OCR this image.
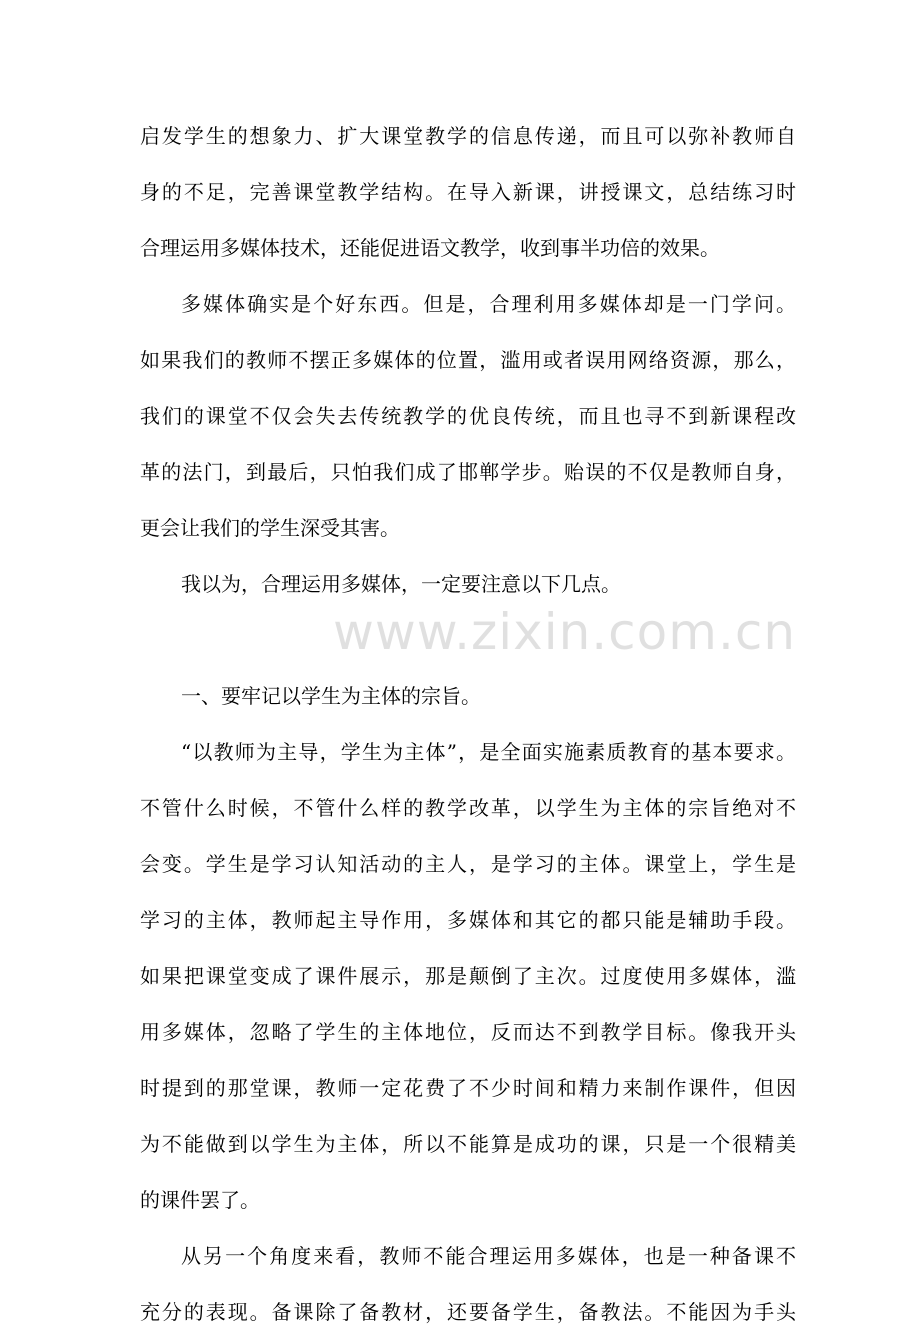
启发学生的想象力、扩大课堂教学的信息传递，而且可以弥补教师自
身的不足，完善课堂教学结构。在导入新课，讲授课文，总结练习时
合理运用多媒体技术，还能促进语文教学，收到事半功倍的效果。
多媒体确实是个好东西。但是，合理利用多媒体却是一门学问。
如果我们的教师不摆正多媒体的位置，滥用或者误用网络资源，那么，
我们的课堂不仅会失去传统教学的优良传统，而且也寻不到新课程改
革的法门，到最后，只怕我们成了邯郸学步。贻误的不仅是教师自身，
更会让我们的学生深受其害。
我以为，合理运用多媒体，一定要注意以下几点。
一、要牢记以学生为主体的宗旨。
“以教师为主导，学生为主体”，是全面实施素质教育的基本要求。
不管什么时候，不管什么样的教学改革，以学生为主体的宗旨绝对不
会变。学生是学习认知活动的主人，是学习的主体。课堂上，学生是
学习的主体，教师起主导作用，多媒体和其它的都只能是辅助手段。
如果把课堂变成了课件展示，那是颠倒了主次。过度使用多媒体，滥
用多媒体，忽略了学生的主体地位，反而达不到教学目标。像我开头
时提到的那堂课，教师一定花费了不少时间和精力来制作课件，但因
为不能做到以学生为主体，所以不能算是成功的课，只是一个很精美
的课件罢了。
从另一个角度来看，教师不能合理运用多媒体，也是一种备课不
充分的表现。备课除了备教材，还要备学生，备教法。不能因为手头
www.zixin.com.cn
